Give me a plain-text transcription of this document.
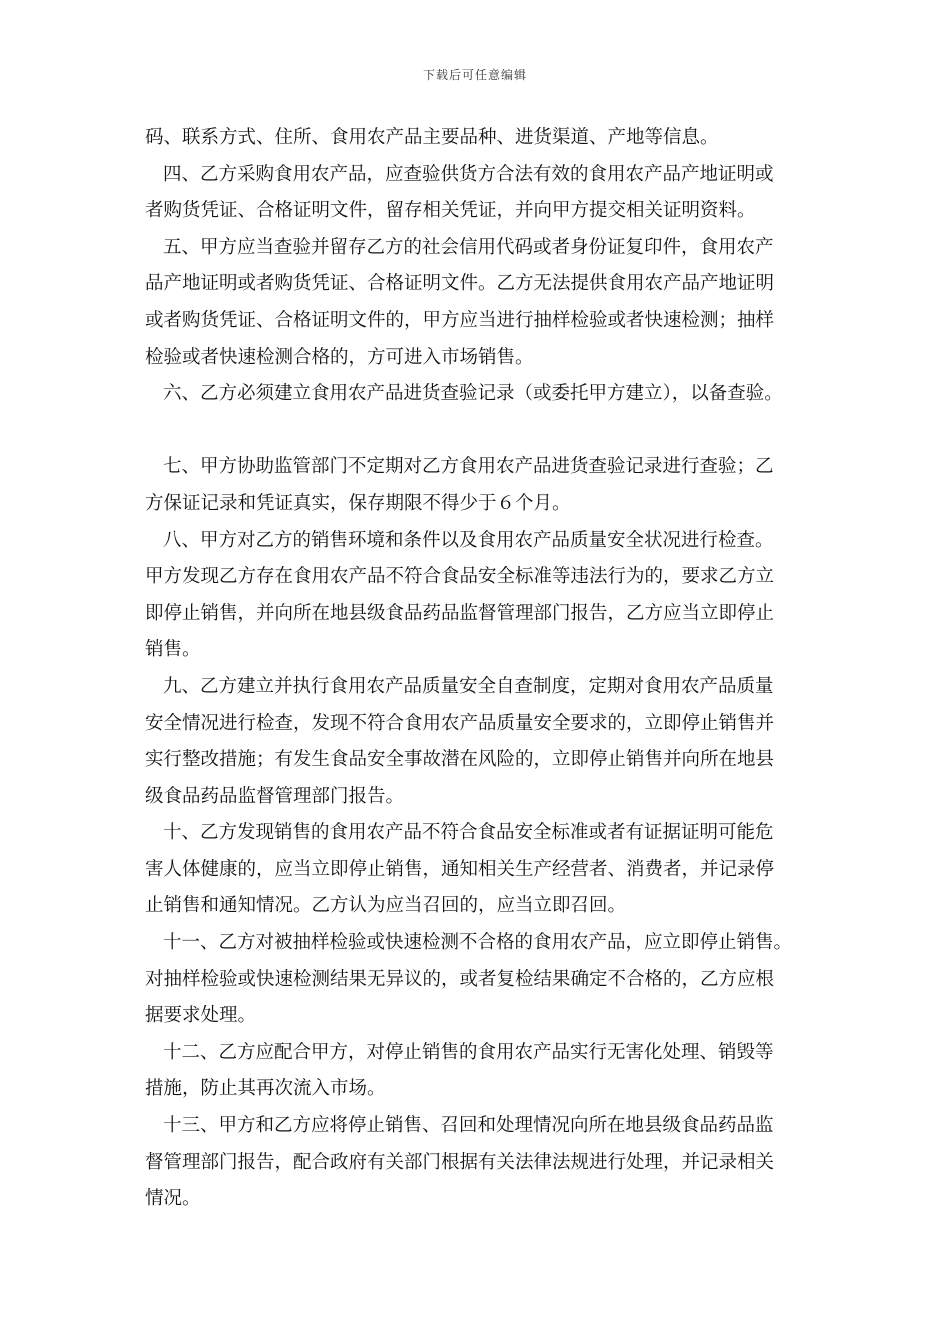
下载后可任意编辑

码、联系方式、住所、食用农产品主要品种、进货渠道、产地等信息。

四、乙方采购食用农产品，应查验供货方合法有效的食用农产品产地证明或
者购货凭证、合格证明文件，留存相关凭证，并向甲方提交相关证明资料。

五、甲方应当查验并留存乙方的社会信用代码或者身份证复印件，食用农产
品产地证明或者购货凭证、合格证明文件。乙方无法提供食用农产品产地证明
或者购货凭证、合格证明文件的，甲方应当进行抽样检验或者快速检测；抽样
检验或者快速检测合格的，方可进入市场销售。

六、乙方必须建立食用农产品进货查验记录（或委托甲方建立），以备查验。

七、甲方协助监管部门不定期对乙方食用农产品进货查验记录进行查验；乙
方保证记录和凭证真实，保存期限不得少于６个月。

八、甲方对乙方的销售环境和条件以及食用农产品质量安全状况进行检查。
甲方发现乙方存在食用农产品不符合食品安全标准等违法行为的，要求乙方立
即停止销售，并向所在地县级食品药品监督管理部门报告，乙方应当立即停止
销售。

九、乙方建立并执行食用农产品质量安全自查制度，定期对食用农产品质量
安全情况进行检查，发现不符合食用农产品质量安全要求的，立即停止销售并
实行整改措施；有发生食品安全事故潜在风险的，立即停止销售并向所在地县
级食品药品监督管理部门报告。

十、乙方发现销售的食用农产品不符合食品安全标准或者有证据证明可能危
害人体健康的，应当立即停止销售，通知相关生产经营者、消费者，并记录停
止销售和通知情况。乙方认为应当召回的，应当立即召回。

十一、乙方对被抽样检验或快速检测不合格的食用农产品，应立即停止销售。
对抽样检验或快速检测结果无异议的，或者复检结果确定不合格的，乙方应根
据要求处理。

十二、乙方应配合甲方，对停止销售的食用农产品实行无害化处理、销毁等
措施，防止其再次流入市场。

十三、甲方和乙方应将停止销售、召回和处理情况向所在地县级食品药品监
督管理部门报告，配合政府有关部门根据有关法律法规进行处理，并记录相关
情况。
